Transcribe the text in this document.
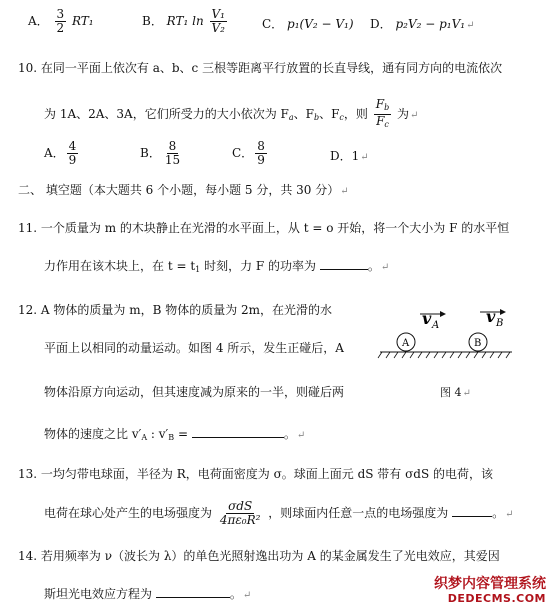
A． $\frac{3}{2} RT_1$	B． RT₁ $\ln \frac{\text{V₁}}{\text{V₂}}$	C． p₁(V₂ − V₁) D． p₂V₂ − p₁V₁↵
10. 在同一平面上依次有 a、b、c 三根等距离平行放置的长直导线，通有同方向的电流依次
为 1A、2A、3A，它们所受力的大小依次为 $F_a$、$F_b$、$F_c$，则 $\frac{F_b}{F_c}$ 为↵
A． $\frac{4}{9}$	B． $\frac{8}{15}$	C． $\frac{8}{9}$	D．1↵
二、 填空题（本大题共 6 个小题，每小题 5 分，共 30 分）↵
11. 一个质量为 m 的木块静止在光滑的水平面上，从 t = o 开始，将一个大小为 F 的水平恒
力作用在该木块上，在 $t = t_1$ 时刻，力 F 的功率为	。↵
12. A 物体的质量为 m，B 物体的质量为 2m，在光滑的水
平面上以相同的动量运动。如图 4 所示，发生正碰后，A
物体沿原方向运动，但其速度减为原来的一半，则碰后两
物体的速度之比 $v'_A$ : $v'_B$ =	。↵
v A	v B
A	B
图 4↵
13. 一均匀带电球面，半径为 R，电荷面密度为 σ。球面上面元 dS 带有 σdS 的电荷，该
电荷在球心处产生的电场强度为 $\frac{\text{σdS}}{\text{4πε₀R²}}$ ，则球面内任意一点的电场强度为	。↵
14. 若用频率为 ν（波长为 λ）的单色光照射逸出功为 A 的某金属发生了光电效应，其爱因
斯坦光电效应方程为	。↵
织梦内容管理系统
DEDECMS.COM
